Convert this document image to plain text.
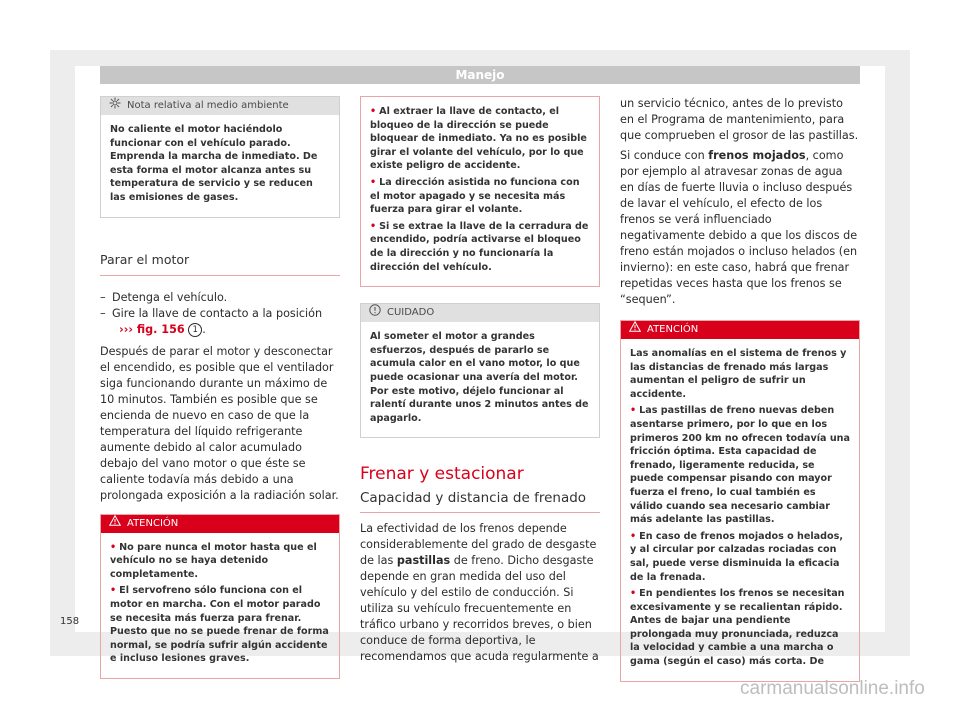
Manejo
Nota relativa al medio ambiente

No caliente el motor haciéndolo funcionar con el vehículo parado. Emprenda la marcha de inmediato. De esta forma el motor alcanza antes su temperatura de servicio y se reducen las emisiones de gases.

Parar el motor

– Detenga el vehículo.
– Gire la llave de contacto a la posición
››› fig. 156 1 .

Después de parar el motor y desconectar el encendido, es posible que el ventilador siga funcionando durante un máximo de 10 minutos. También es posible que se encienda de nuevo en caso de que la temperatura del líquido refrigerante aumente debido al calor acumulado debajo del vano motor o que éste se caliente todavía más debido a una prolongada exposición a la radiación solar.

ATENCIÓN

• No pare nunca el motor hasta que el vehículo no se haya detenido completamente.

• El servofreno sólo funciona con el motor en marcha. Con el motor parado se necesita más fuerza para frenar. Puesto que no se puede frenar de forma normal, se podría sufrir algún accidente e incluso lesiones graves.

• Al extraer la llave de contacto, el bloqueo de la dirección se puede bloquear de inmediato. Ya no es posible girar el volante del vehículo, por lo que existe peligro de accidente.

• La dirección asistida no funciona con el motor apagado y se necesita más fuerza para girar el volante.

• Si se extrae la llave de la cerradura de encendido, podría activarse el bloqueo de la dirección y no funcionaría la dirección del vehículo.

CUIDADO

Al someter el motor a grandes esfuerzos, después de pararlo se acumula calor en el vano motor, lo que puede ocasionar una avería del motor. Por este motivo, déjelo funcionar al ralentí durante unos 2 minutos antes de apagarlo.

Frenar y estacionar

Capacidad y distancia de frenado

La efectividad de los frenos depende considerablemente del grado de desgaste de las pastillas de freno. Dicho desgaste depende en gran medida del uso del vehículo y del estilo de conducción. Si utiliza su vehículo frecuentemente en tráfico urbano y recorridos breves, o bien conduce de forma deportiva, le recomendamos que acuda regularmente a

un servicio técnico, antes de lo previsto en el Programa de mantenimiento, para que comprueben el grosor de las pastillas.

Si conduce con frenos mojados, como por ejemplo al atravesar zonas de agua en días de fuerte lluvia o incluso después de lavar el vehículo, el efecto de los frenos se verá influenciado negativamente debido a que los discos de freno están mojados o incluso helados (en invierno): en este caso, habrá que frenar repetidas veces hasta que los frenos se “sequen”.

ATENCIÓN

Las anomalías en el sistema de frenos y las distancias de frenado más largas aumentan el peligro de sufrir un accidente.

• Las pastillas de freno nuevas deben asentarse primero, por lo que en los primeros 200 km no ofrecen todavía una fricción óptima. Esta capacidad de frenado, ligeramente reducida, se puede compensar pisando con mayor fuerza el freno, lo cual también es válido cuando sea necesario cambiar más adelante las pastillas.

• En caso de frenos mojados o helados, y al circular por calzadas rociadas con sal, puede verse disminuida la eficacia de la frenada.

• En pendientes los frenos se necesitan excesivamente y se recalientan rápido. Antes de bajar una pendiente prolongada muy pronunciada, reduzca la velocidad y cambie a una marcha o gama (según el caso) más corta. De

158
carmanualsonline.info
